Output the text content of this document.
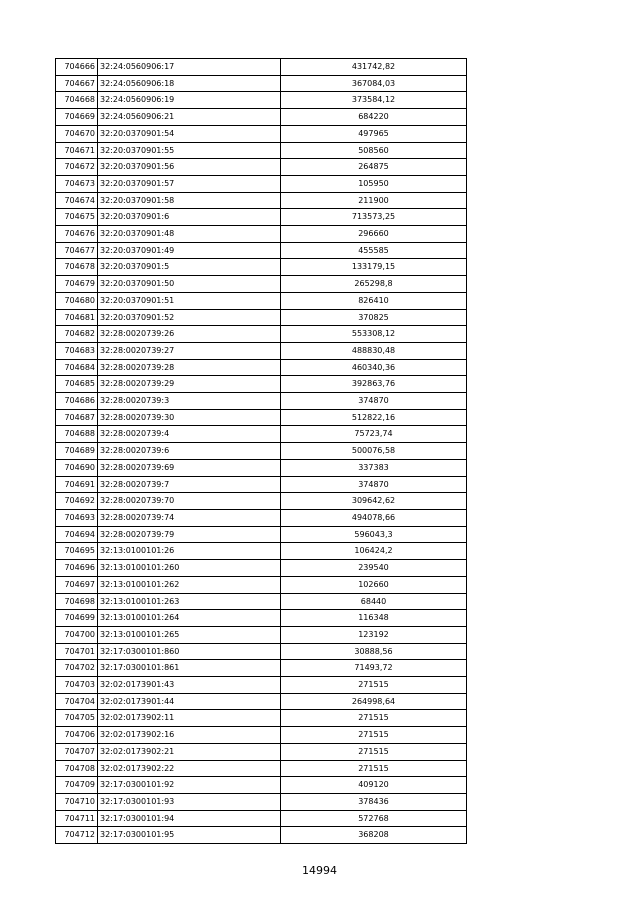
704666	32:24:0560906:17	431742,82
704667	32:24:0560906:18	367084,03
704668	32:24:0560906:19	373584,12
704669	32:24:0560906:21	684220
704670	32:20:0370901:54	497965
704671	32:20:0370901:55	508560
704672	32:20:0370901:56	264875
704673	32:20:0370901:57	105950
704674	32:20:0370901:58	211900
704675	32:20:0370901:6	713573,25
704676	32:20:0370901:48	296660
704677	32:20:0370901:49	455585
704678	32:20:0370901:5	133179,15
704679	32:20:0370901:50	265298,8
704680	32:20:0370901:51	826410
704681	32:20:0370901:52	370825
704682	32:28:0020739:26	553308,12
704683	32:28:0020739:27	488830,48
704684	32:28:0020739:28	460340,36
704685	32:28:0020739:29	392863,76
704686	32:28:0020739:3	374870
704687	32:28:0020739:30	512822,16
704688	32:28:0020739:4	75723,74
704689	32:28:0020739:6	500076,58
704690	32:28:0020739:69	337383
704691	32:28:0020739:7	374870
704692	32:28:0020739:70	309642,62
704693	32:28:0020739:74	494078,66
704694	32:28:0020739:79	596043,3
704695	32:13:0100101:26	106424,2
704696	32:13:0100101:260	239540
704697	32:13:0100101:262	102660
704698	32:13:0100101:263	68440
704699	32:13:0100101:264	116348
704700	32:13:0100101:265	123192
704701	32:17:0300101:860	30888,56
704702	32:17:0300101:861	71493,72
704703	32:02:0173901:43	271515
704704	32:02:0173901:44	264998,64
704705	32:02:0173902:11	271515
704706	32:02:0173902:16	271515
704707	32:02:0173902:21	271515
704708	32:02:0173902:22	271515
704709	32:17:0300101:92	409120
704710	32:17:0300101:93	378436
704711	32:17:0300101:94	572768
704712	32:17:0300101:95	368208
14994
